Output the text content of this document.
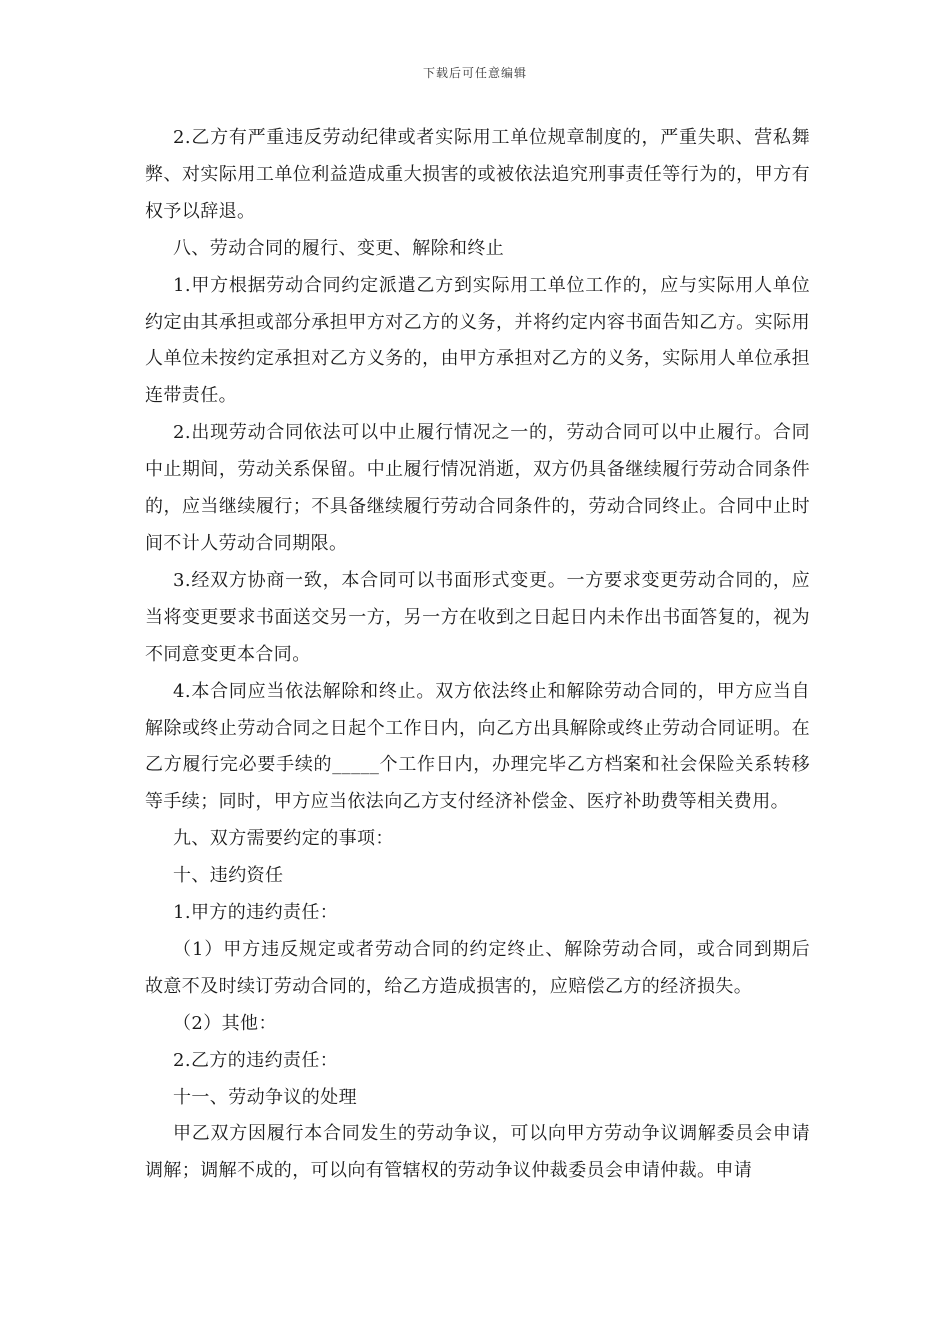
下载后可任意编辑

2.乙方有严重违反劳动纪律或者实际用工单位规章制度的，严重失职、营私舞弊、对实际用工单位利益造成重大损害的或被依法追究刑事责任等行为的，甲方有权予以辞退。

八、劳动合同的履行、变更、解除和终止

1.甲方根据劳动合同约定派遣乙方到实际用工单位工作的，应与实际用人单位约定由其承担或部分承担甲方对乙方的义务，并将约定内容书面告知乙方。实际用人单位未按约定承担对乙方义务的，由甲方承担对乙方的义务，实际用人单位承担连带责任。

2.出现劳动合同依法可以中止履行情况之一的，劳动合同可以中止履行。合同中止期间，劳动关系保留。中止履行情况消逝，双方仍具备继续履行劳动合同条件的，应当继续履行；不具备继续履行劳动合同条件的，劳动合同终止。合同中止时间不计人劳动合同期限。

3.经双方协商一致，本合同可以书面形式变更。一方要求变更劳动合同的，应当将变更要求书面送交另一方，另一方在收到之日起日内未作出书面答复的，视为不同意变更本合同。

4.本合同应当依法解除和终止。双方依法终止和解除劳动合同的，甲方应当自解除或终止劳动合同之日起个工作日内，向乙方出具解除或终止劳动合同证明。在乙方履行完必要手续的_____个工作日内，办理完毕乙方档案和社会保险关系转移等手续；同时，甲方应当依法向乙方支付经济补偿金、医疗补助费等相关费用。

九、双方需要约定的事项：

十、违约资任

1.甲方的违约责任：

（1）甲方违反规定或者劳动合同的约定终止、解除劳动合同，或合同到期后故意不及时续订劳动合同的，给乙方造成损害的，应赔偿乙方的经济损失。

（2）其他：

2.乙方的违约责任：

十一、劳动争议的处理

甲乙双方因履行本合同发生的劳动争议，可以向甲方劳动争议调解委员会申请调解；调解不成的，可以向有管辖权的劳动争议仲裁委员会申请仲裁。申请
